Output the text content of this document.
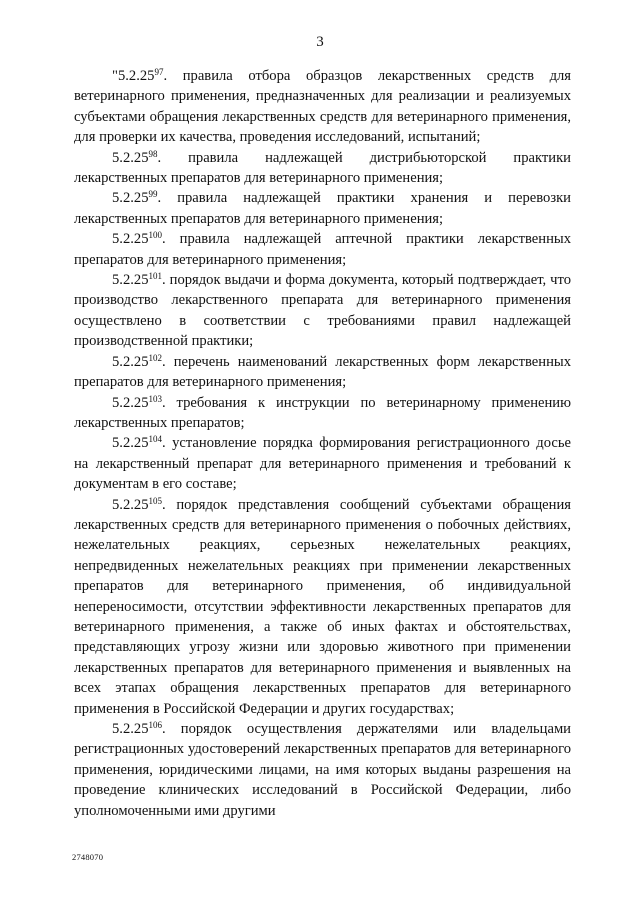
3

"5.2.25$^{97}$. правила отбора образцов лекарственных средств для ветеринарного применения, предназначенных для реализации и реализуемых субъектами обращения лекарственных средств для ветеринарного применения, для проверки их качества, проведения исследований, испытаний;

5.2.25$^{98}$. правила надлежащей дистрибьюторской практики лекарственных препаратов для ветеринарного применения;

5.2.25$^{99}$. правила надлежащей практики хранения и перевозки лекарственных препаратов для ветеринарного применения;

5.2.25$^{100}$. правила надлежащей аптечной практики лекарственных препаратов для ветеринарного применения;

5.2.25$^{101}$. порядок выдачи и форма документа, который подтверждает, что производство лекарственного препарата для ветеринарного применения осуществлено в соответствии с требованиями правил надлежащей производственной практики;

5.2.25$^{102}$. перечень наименований лекарственных форм лекарственных препаратов для ветеринарного применения;

5.2.25$^{103}$. требования к инструкции по ветеринарному применению лекарственных препаратов;

5.2.25$^{104}$. установление порядка формирования регистрационного досье на лекарственный препарат для ветеринарного применения и требований к документам в его составе;

5.2.25$^{105}$. порядок представления сообщений субъектами обращения лекарственных средств для ветеринарного применения о побочных действиях, нежелательных реакциях, серьезных нежелательных реакциях, непредвиденных нежелательных реакциях при применении лекарственных препаратов для ветеринарного применения, об индивидуальной непереносимости, отсутствии эффективности лекарственных препаратов для ветеринарного применения, а также об иных фактах и обстоятельствах, представляющих угрозу жизни или здоровью животного при применении лекарственных препаратов для ветеринарного применения и выявленных на всех этапах обращения лекарственных препаратов для ветеринарного применения в Российской Федерации и других государствах;

5.2.25$^{106}$. порядок осуществления держателями или владельцами регистрационных удостоверений лекарственных препаратов для ветеринарного применения, юридическими лицами, на имя которых выданы разрешения на проведение клинических исследований в Российской Федерации, либо уполномоченными ими другими

2748070
